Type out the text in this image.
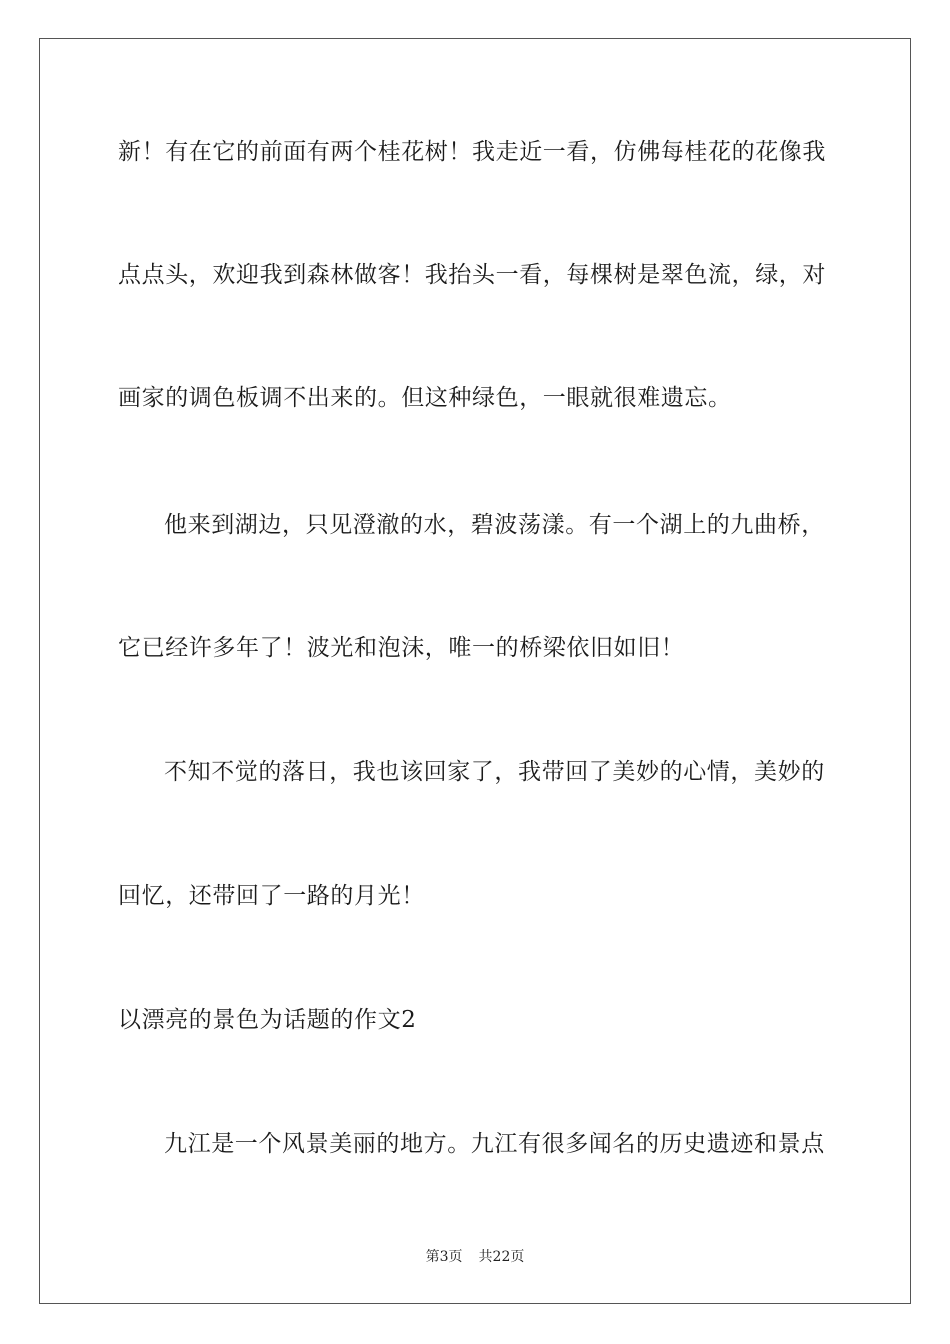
新！有在它的前面有两个桂花树！我走近一看，仿佛每桂花的花像我
点点头，欢迎我到森林做客！我抬头一看，每棵树是翠色流，绿，对
画家的调色板调不出来的。但这种绿色，一眼就很难遗忘。
他来到湖边，只见澄澈的水，碧波荡漾。有一个湖上的九曲桥，
它已经许多年了！波光和泡沫，唯一的桥梁依旧如旧！
不知不觉的落日，我也该回家了，我带回了美妙的心情，美妙的
回忆，还带回了一路的月光！
以漂亮的景色为话题的作文2
九江是一个风景美丽的地方。九江有很多闻名的历史遗迹和景点
第3页 共22页
